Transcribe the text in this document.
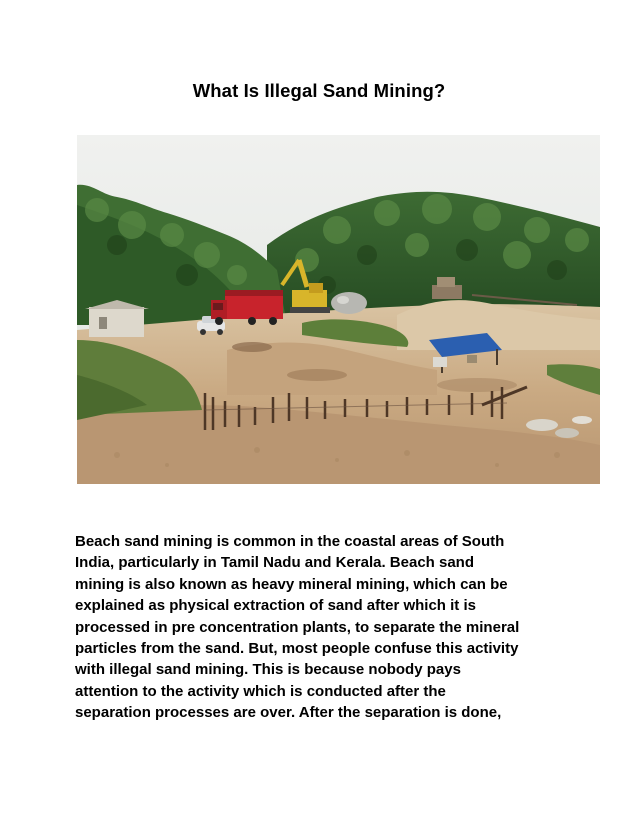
What Is Illegal Sand Mining?
Beach sand mining is common in the coastal areas of South
India, particularly in Tamil Nadu and Kerala. Beach sand
mining is also known as heavy mineral mining, which can be
explained as physical extraction of sand after which it is
processed in pre concentration plants, to separate the mineral
particles from the sand. But, most people confuse this activity
with illegal sand mining. This is because nobody pays
attention to the activity which is conducted after the
separation processes are over. After the separation is done,
